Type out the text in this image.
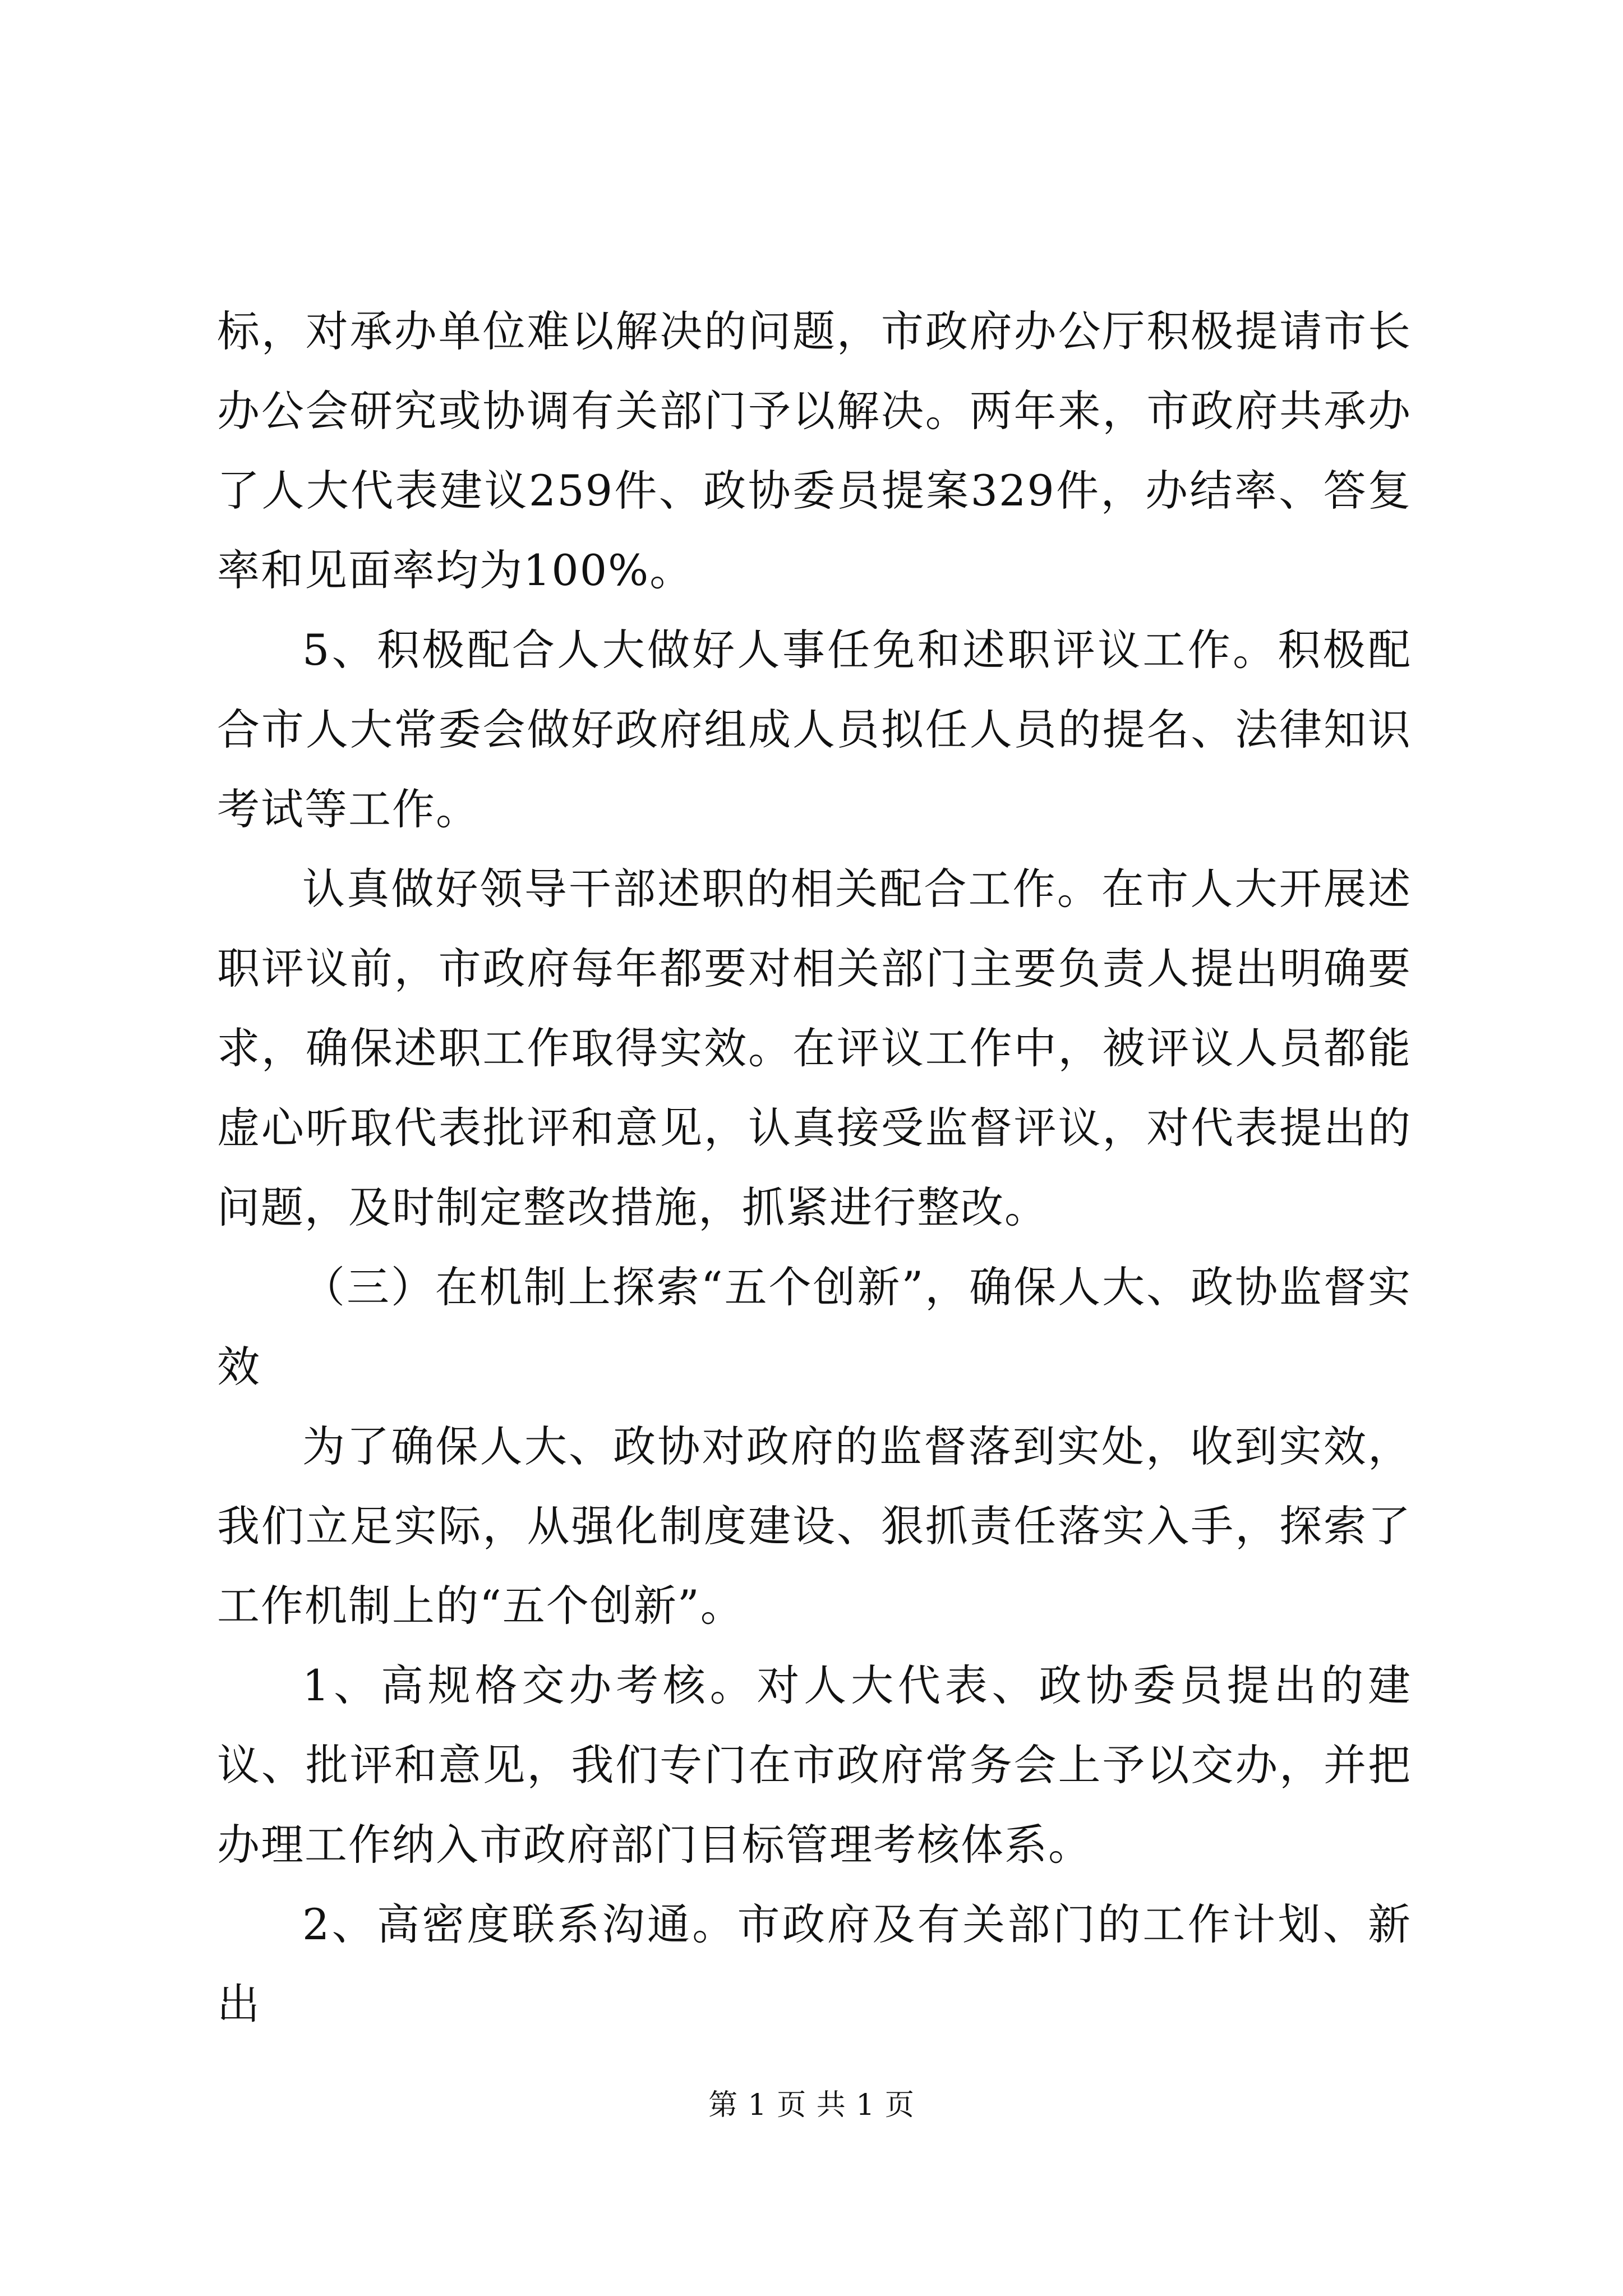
标，对承办单位难以解决的问题，市政府办公厅积极提请市长办公会研究或协调有关部门予以解决。两年来，市政府共承办了人大代表建议259件、政协委员提案329件，办结率、答复率和见面率均为100%。

5、积极配合人大做好人事任免和述职评议工作。积极配合市人大常委会做好政府组成人员拟任人员的提名、法律知识考试等工作。

认真做好领导干部述职的相关配合工作。在市人大开展述职评议前，市政府每年都要对相关部门主要负责人提出明确要求，确保述职工作取得实效。在评议工作中，被评议人员都能虚心听取代表批评和意见，认真接受监督评议，对代表提出的问题，及时制定整改措施，抓紧进行整改。

（三）在机制上探索“五个创新”，确保人大、政协监督实效

为了确保人大、政协对政府的监督落到实处，收到实效，我们立足实际，从强化制度建设、狠抓责任落实入手，探索了工作机制上的“五个创新”。

1、高规格交办考核。对人大代表、政协委员提出的建议、批评和意见，我们专门在市政府常务会上予以交办，并把办理工作纳入市政府部门目标管理考核体系。

2、高密度联系沟通。市政府及有关部门的工作计划、新出

第 1 页 共 1 页
